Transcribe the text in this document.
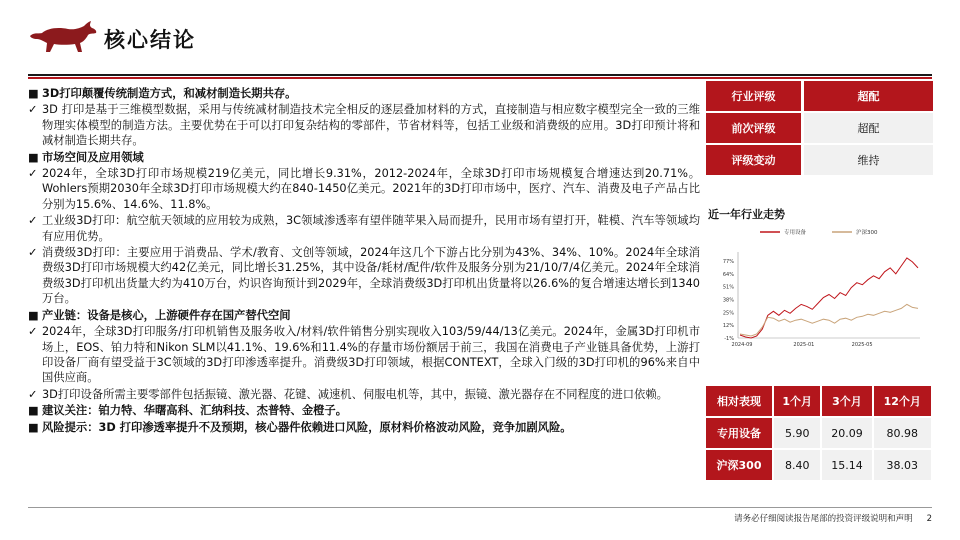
核心结论
■ 3D打印颠覆传统制造方式，和减材制造长期共存。
✓ 3D 打印是基于三维模型数据，采用与传统减材制造技术完全相反的逐层叠加材料的方式，直接制造与相应数字模型完全一致的三维物理实体模型的制造方法。主要优势在于可以打印复杂结构的零部件，节省材料等，包括工业级和消费级的应用。3D打印预计将和减材制造长期共存。
■ 市场空间及应用领域
✓ 2024年，全球3D打印市场规模219亿美元，同比增长9.31%，2012-2024年，全球3D打印市场规模复合增速达到20.71%。Wohlers预期2030年全球3D打印市场规模大约在840-1450亿美元。2021年的3D打印市场中，医疗、汽车、消费及电子产品占比分别为15.6%、14.6%、11.8%。
✓ 工业级3D打印：航空航天领域的应用较为成熟，3C领域渗透率有望伴随苹果入局而提升，民用市场有望打开，鞋模、汽车等领域均有应用优势。
✓ 消费级3D打印：主要应用于消费品、学术/教育、文创等领域，2024年这几个下游占比分别为43%、34%、10%。2024年全球消费级3D打印市场规模大约42亿美元，同比增长31.25%，其中设备/耗材/配件/软件及服务分别为21/10/7/4亿美元。2024年全球消费级3D打印机出货量大约为410万台，灼识咨询预计到2029年，全球消费级3D打印机出货量将以26.6%的复合增速达增长到1340万台。
■ 产业链：设备是核心，上游硬件存在国产替代空间
✓ 2024年，全球3D打印服务/打印机销售及服务收入/材料/软件销售分别实现收入103/59/44/13亿美元。2024年，金属3D打印机市场上，EOS、铂力特和Nikon SLM以41.1%、19.6%和11.4%的存量市场份额居于前三，我国在消费电子产业链具备优势，上游打印设备厂商有望受益于3C领域的3D打印渗透率提升。消费级3D打印领域，根据CONTEXT，全球入门级的3D打印机的96%来自中国供应商。
✓ 3D打印设备所需主要零部件包括振镜、激光器、花键、减速机、伺服电机等，其中，振镜、激光器存在不同程度的进口依赖。
■ 建议关注：铂力特、华曙高科、汇纳科技、杰普特、金橙子。
■ 风险提示：3D 打印渗透率提升不及预期，核心器件依赖进口风险，原材料价格波动风险，竞争加剧风险。
行业评级	超配
前次评级	超配
评级变动	维持
近一年行业走势
专用设备	沪深300
-1%
12%
25%
38%
51%
64%
77%
2024-09	2025-01	2025-05
相对表现	1个月	3个月	12个月
专用设备	5.90	20.09	80.98
沪深300	8.40	15.14	38.03
请务必仔细阅读报告尾部的投资评级说明和声明 2
